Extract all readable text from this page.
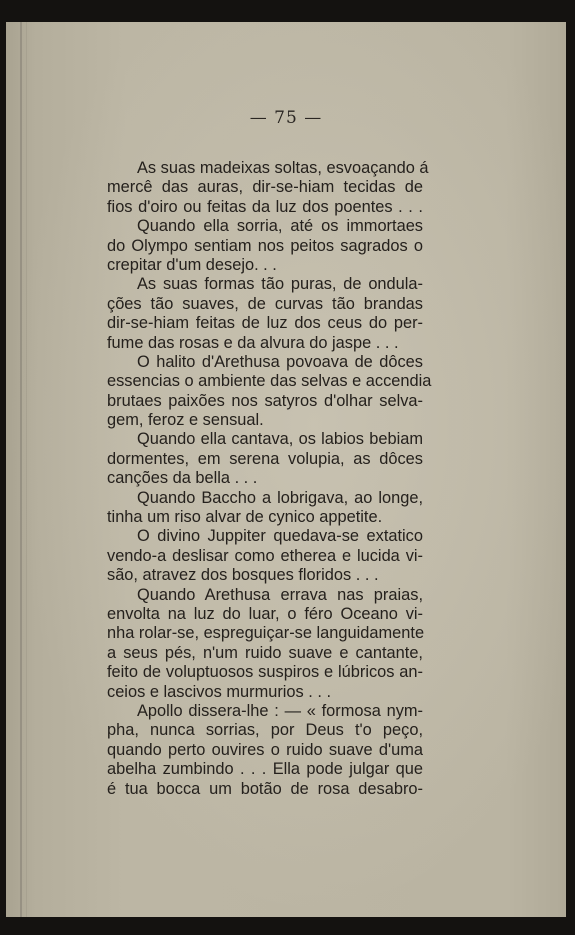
— 75 —
As suas madeixas soltas, esvoaçando á
mercê das auras, dir-se-hiam tecidas de
fios d'oiro ou feitas da luz dos poentes . . .
Quando ella sorria, até os immortaes
do Olympo sentiam nos peitos sagrados o
crepitar d'um desejo. . .
As suas formas tão puras, de ondula-
ções tão suaves, de curvas tão brandas
dir-se-hiam feitas de luz dos ceus do per-
fume das rosas e da alvura do jaspe . . .
O halito d'Arethusa povoava de dôces
essencias o ambiente das selvas e accendia
brutaes paixões nos satyros d'olhar selva-
gem, feroz e sensual.
Quando ella cantava, os labios bebiam
dormentes, em serena volupia, as dôces
canções da bella . . .
Quando Baccho a lobrigava, ao longe,
tinha um riso alvar de cynico appetite.
O divino Juppiter quedava-se extatico
vendo-a deslisar como etherea e lucida vi-
são, atravez dos bosques floridos . . .
Quando Arethusa errava nas praias,
envolta na luz do luar, o féro Oceano vi-
nha rolar-se, espreguiçar-se languidamente
a seus pés, n'um ruido suave e cantante,
feito de voluptuosos suspiros e lúbricos an-
ceios e lascivos murmurios . . .
Apollo dissera-lhe : — « formosa nym-
pha, nunca sorrias, por Deus t'o peço,
quando perto ouvires o ruido suave d'uma
abelha zumbindo . . . Ella pode julgar que
é tua bocca um botão de rosa desabro-
